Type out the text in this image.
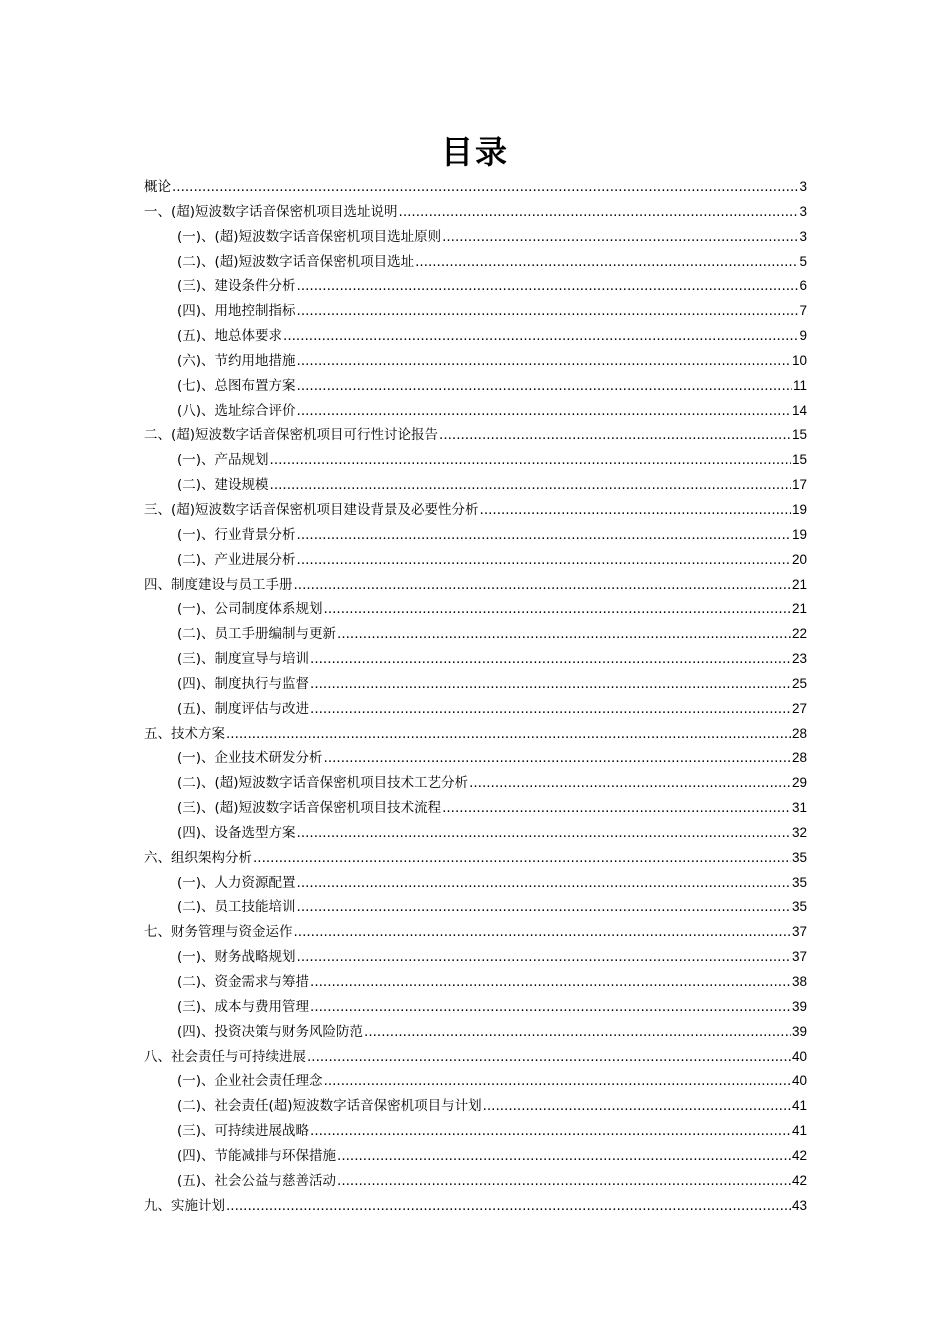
目录
概论 .....	3
一、(超)短波数字话音保密机项目选址说明 .....	3
(一)、(超)短波数字话音保密机项目选址原则 .....	3
(二)、(超)短波数字话音保密机项目选址 .....	5
(三)、建设条件分析 .....	6
(四)、用地控制指标 .....	7
(五)、地总体要求 .....	9
(六)、节约用地措施 .....	10
(七)、总图布置方案 .....	11
(八)、选址综合评价 .....	14
二、(超)短波数字话音保密机项目可行性讨论报告 .....	15
(一)、产品规划 .....	15
(二)、建设规模 .....	17
三、(超)短波数字话音保密机项目建设背景及必要性分析 .....	19
(一)、行业背景分析 .....	19
(二)、产业进展分析 .....	20
四、制度建设与员工手册 .....	21
(一)、公司制度体系规划 .....	21
(二)、员工手册编制与更新 .....	22
(三)、制度宣导与培训 .....	23
(四)、制度执行与监督 .....	25
(五)、制度评估与改进 .....	27
五、技术方案 .....	28
(一)、企业技术研发分析 .....	28
(二)、(超)短波数字话音保密机项目技术工艺分析 .....	29
(三)、(超)短波数字话音保密机项目技术流程 .....	31
(四)、设备选型方案 .....	32
六、组织架构分析 .....	35
(一)、人力资源配置 .....	35
(二)、员工技能培训 .....	35
七、财务管理与资金运作 .....	37
(一)、财务战略规划 .....	37
(二)、资金需求与筹措 .....	38
(三)、成本与费用管理 .....	39
(四)、投资决策与财务风险防范 .....	39
八、社会责任与可持续进展 .....	40
(一)、企业社会责任理念 .....	40
(二)、社会责任(超)短波数字话音保密机项目与计划 .....	41
(三)、可持续进展战略 .....	41
(四)、节能减排与环保措施 .....	42
(五)、社会公益与慈善活动 .....	42
九、实施计划 .....	43
